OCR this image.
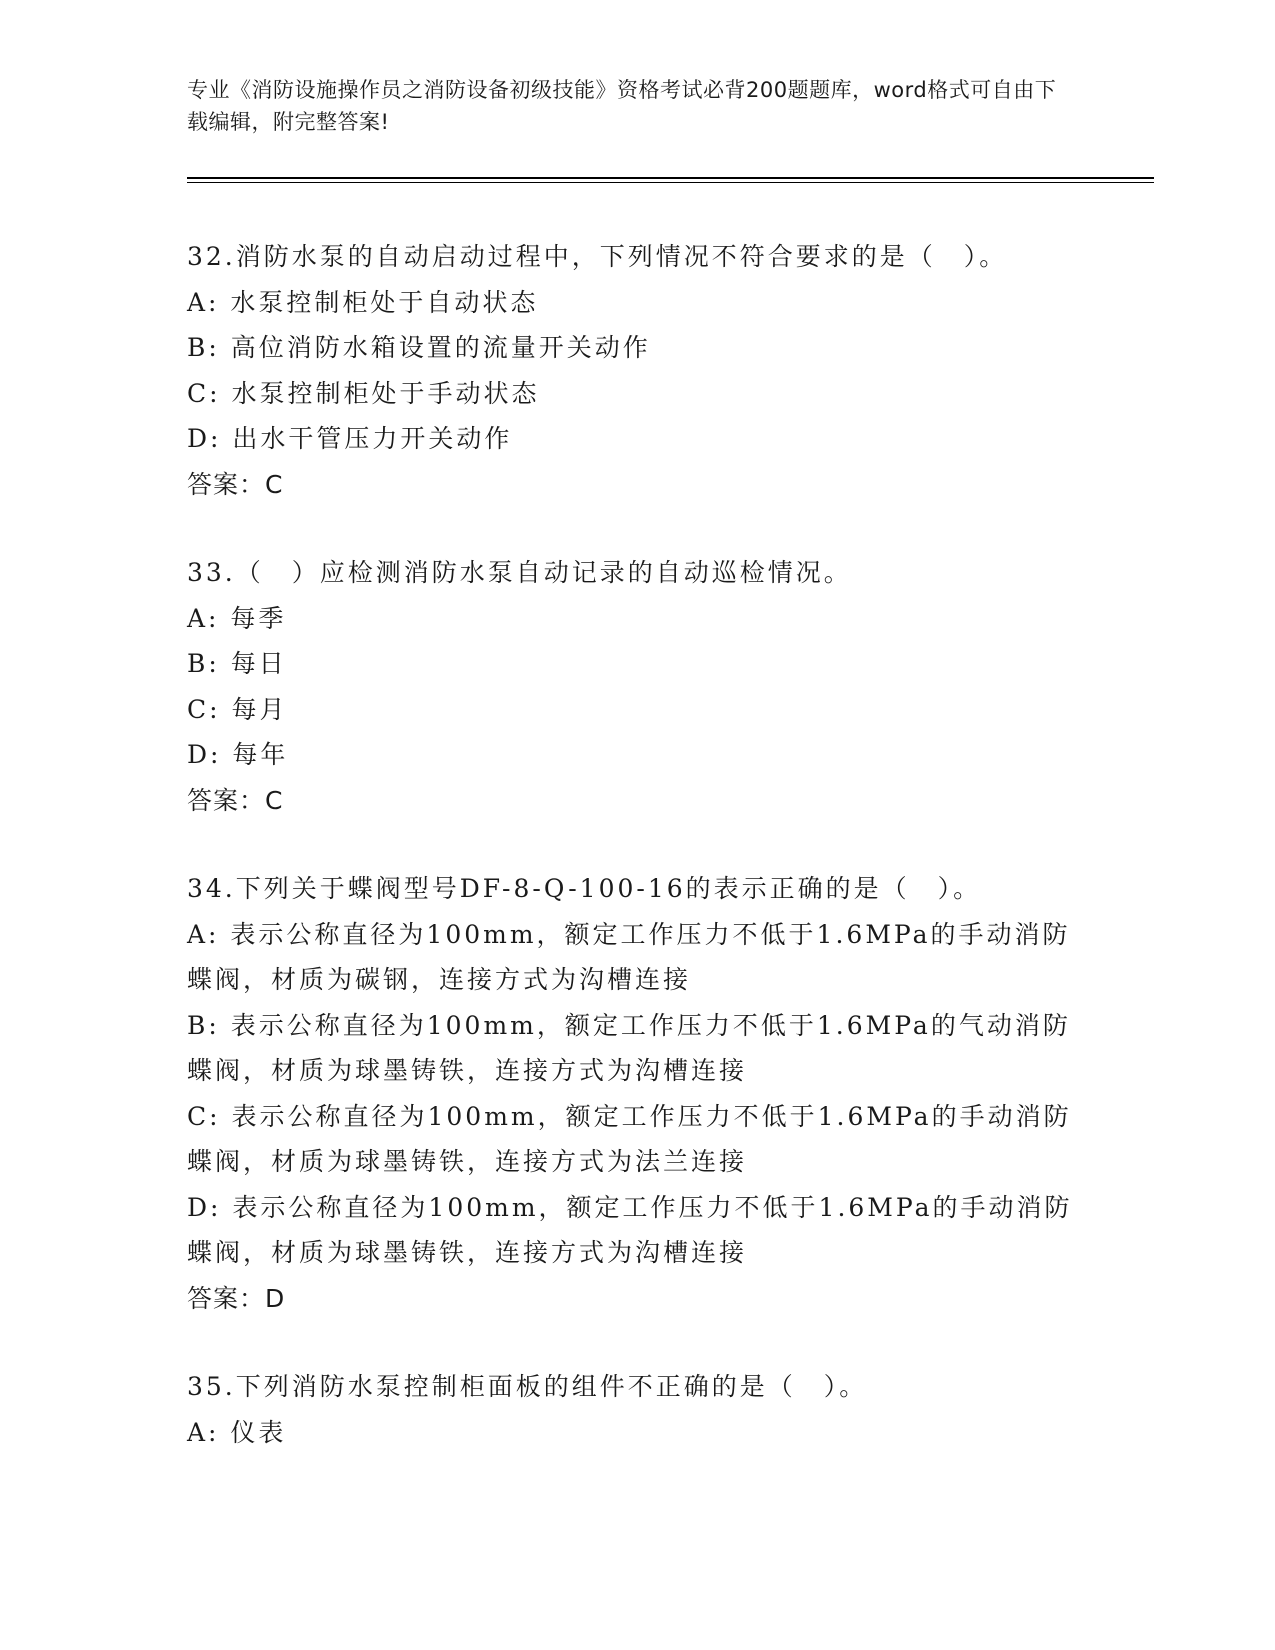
专业《消防设施操作员之消防设备初级技能》资格考试必背200题题库，word格式可自由下载编辑，附完整答案!
32.消防水泵的自动启动过程中，下列情况不符合要求的是（　）。
A: 水泵控制柜处于自动状态
B: 高位消防水箱设置的流量开关动作
C: 水泵控制柜处于手动状态
D: 出水干管压力开关动作
答案：C
33.（　）应检测消防水泵自动记录的自动巡检情况。
A: 每季
B: 每日
C: 每月
D: 每年
答案：C
34.下列关于蝶阀型号DF-8-Q-100-16的表示正确的是（　）。
A: 表示公称直径为100mm，额定工作压力不低于1.6MPa的手动消防蝶阀，材质为碳钢，连接方式为沟槽连接
B: 表示公称直径为100mm，额定工作压力不低于1.6MPa的气动消防蝶阀，材质为球墨铸铁，连接方式为沟槽连接
C: 表示公称直径为100mm，额定工作压力不低于1.6MPa的手动消防蝶阀，材质为球墨铸铁，连接方式为法兰连接
D: 表示公称直径为100mm，额定工作压力不低于1.6MPa的手动消防蝶阀，材质为球墨铸铁，连接方式为沟槽连接
答案：D
35.下列消防水泵控制柜面板的组件不正确的是（　）。
A: 仪表
